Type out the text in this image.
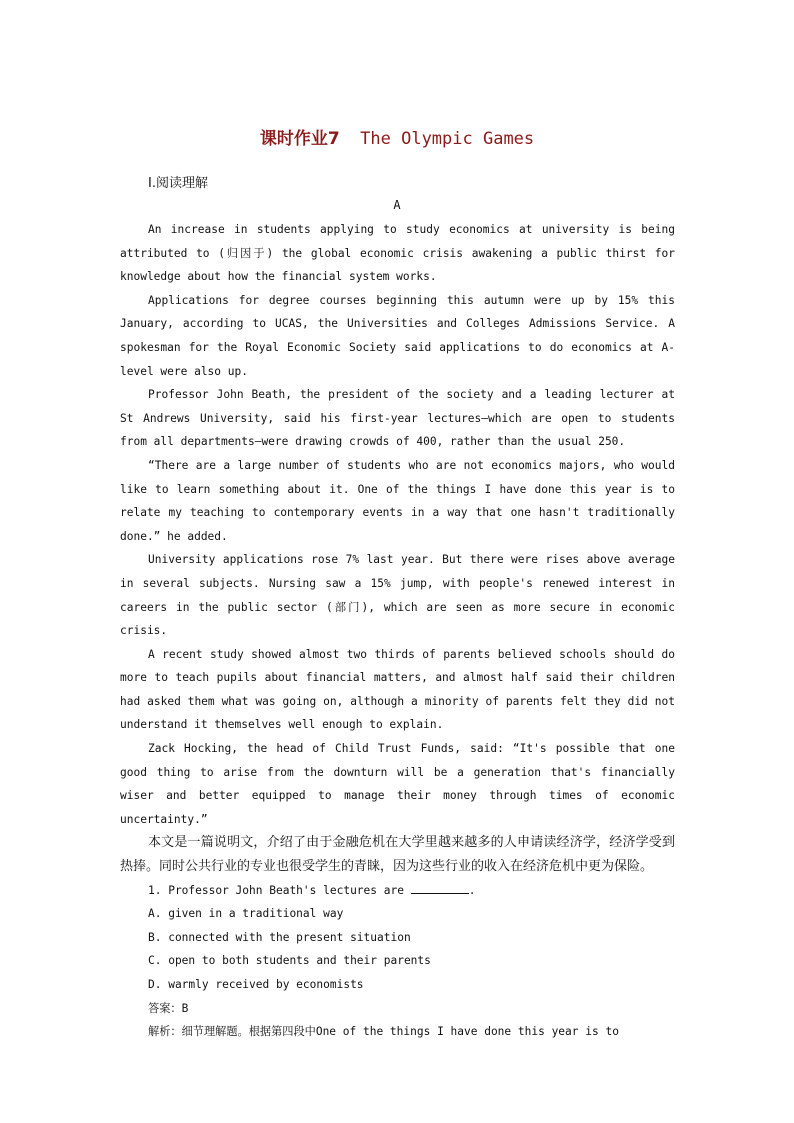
课时作业7 The Olympic Games
Ⅰ.阅读理解
A

An increase in students applying to study economics at university is being attributed to (归因于) the global economic crisis awakening a public thirst for knowledge about how the financial system works.

Applications for degree courses beginning this autumn were up by 15% this January, according to UCAS, the Universities and Colleges Admissions Service. A spokesman for the Royal Economic Society said applications to do economics at A-level were also up.

Professor John Beath, the president of the society and a leading lecturer at St Andrews University, said his first-year lectures—which are open to students from all departments—were drawing crowds of 400, rather than the usual 250.

“There are a large number of students who are not economics majors, who would like to learn something about it. One of the things I have done this year is to relate my teaching to contemporary events in a way that one hasn't traditionally done.” he added.

University applications rose 7% last year. But there were rises above average in several subjects. Nursing saw a 15% jump, with people's renewed interest in careers in the public sector (部门), which are seen as more secure in economic crisis.

A recent study showed almost two thirds of parents believed schools should do more to teach pupils about financial matters, and almost half said their children had asked them what was going on, although a minority of parents felt they did not understand it themselves well enough to explain.

Zack Hocking, the head of Child Trust Funds, said: “It's possible that one good thing to arise from the downturn will be a generation that's financially wiser and better equipped to manage their money through times of economic uncertainty.”

本文是一篇说明文，介绍了由于金融危机在大学里越来越多的人申请读经济学，经济学受到热捧。同时公共行业的专业也很受学生的青睐，因为这些行业的收入在经济危机中更为保险。

1. Professor John Beath's lectures are	.

A. given in a traditional way

B. connected with the present situation

C. open to both students and their parents

D. warmly received by economists

答案：B

解析：细节理解题。根据第四段中One of the things I have done this year is to
